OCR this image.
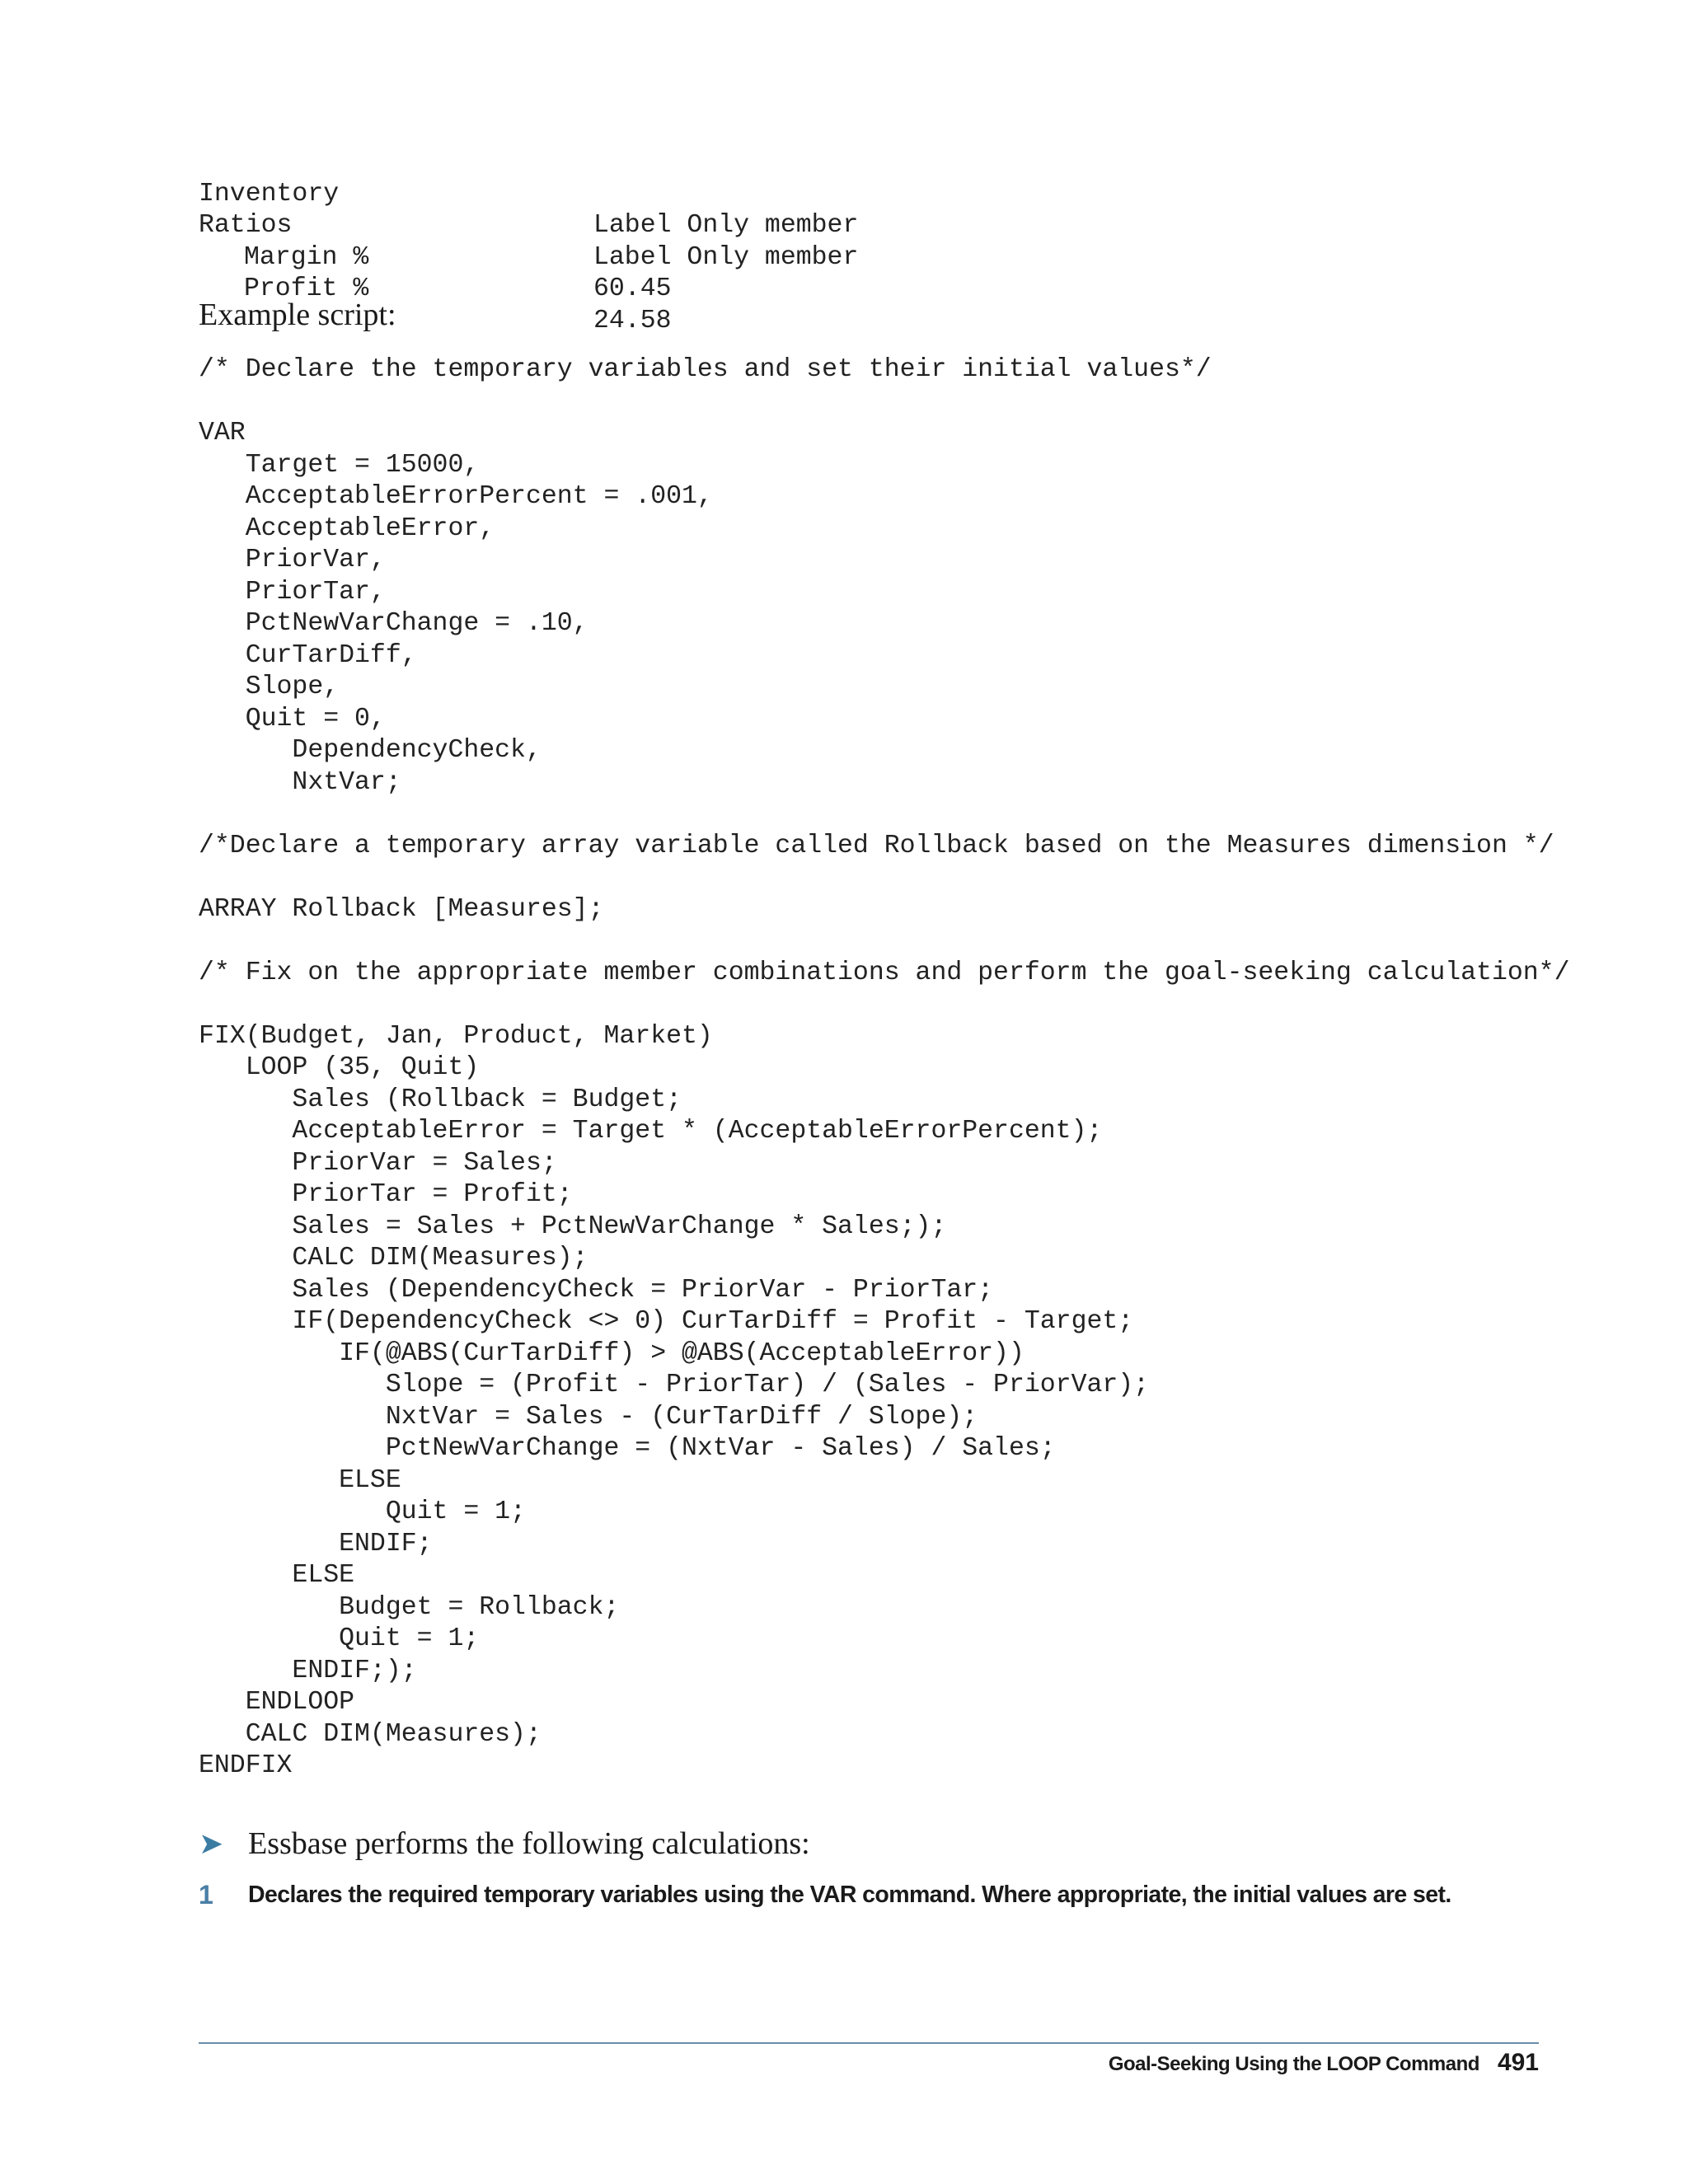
Inventory

Label Only member

Ratios

Label Only member

Margin %

60.45

Profit %

24.58

Example script:
/* Declare the temporary variables and set their initial values*/
VAR
Target = 15000,
AcceptableErrorPercent = .001,
AcceptableError,
PriorVar,
PriorTar,
PctNewVarChange = .10,
CurTarDiff,
Slope,
Quit = 0,
DependencyCheck,
NxtVar;
/*Declare a temporary array variable called Rollback based on the Measures dimension */
ARRAY Rollback [Measures];
/* Fix on the appropriate member combinations and perform the goal-seeking calculation*/
FIX(Budget, Jan, Product, Market)
LOOP (35, Quit)
Sales (Rollback = Budget;
AcceptableError = Target * (AcceptableErrorPercent);
PriorVar = Sales;
PriorTar = Profit;
Sales = Sales + PctNewVarChange * Sales;);
CALC DIM(Measures);
Sales (DependencyCheck = PriorVar - PriorTar;
IF(DependencyCheck <> 0) CurTarDiff = Profit - Target;
IF(@ABS(CurTarDiff) > @ABS(AcceptableError))
Slope = (Profit - PriorTar) / (Sales - PriorVar);
NxtVar = Sales - (CurTarDiff / Slope);
PctNewVarChange = (NxtVar - Sales) / Sales;
ELSE
Quit = 1;
ENDIF;
ELSE
Budget = Rollback;
Quit = 1;
ENDIF;);
ENDLOOP
CALC DIM(Measures);
ENDFIX
➤ Essbase performs the following calculations:
1 Declares the required temporary variables using the VAR command. Where appropriate, the initial values are set.
Goal-Seeking Using the LOOP Command 491
